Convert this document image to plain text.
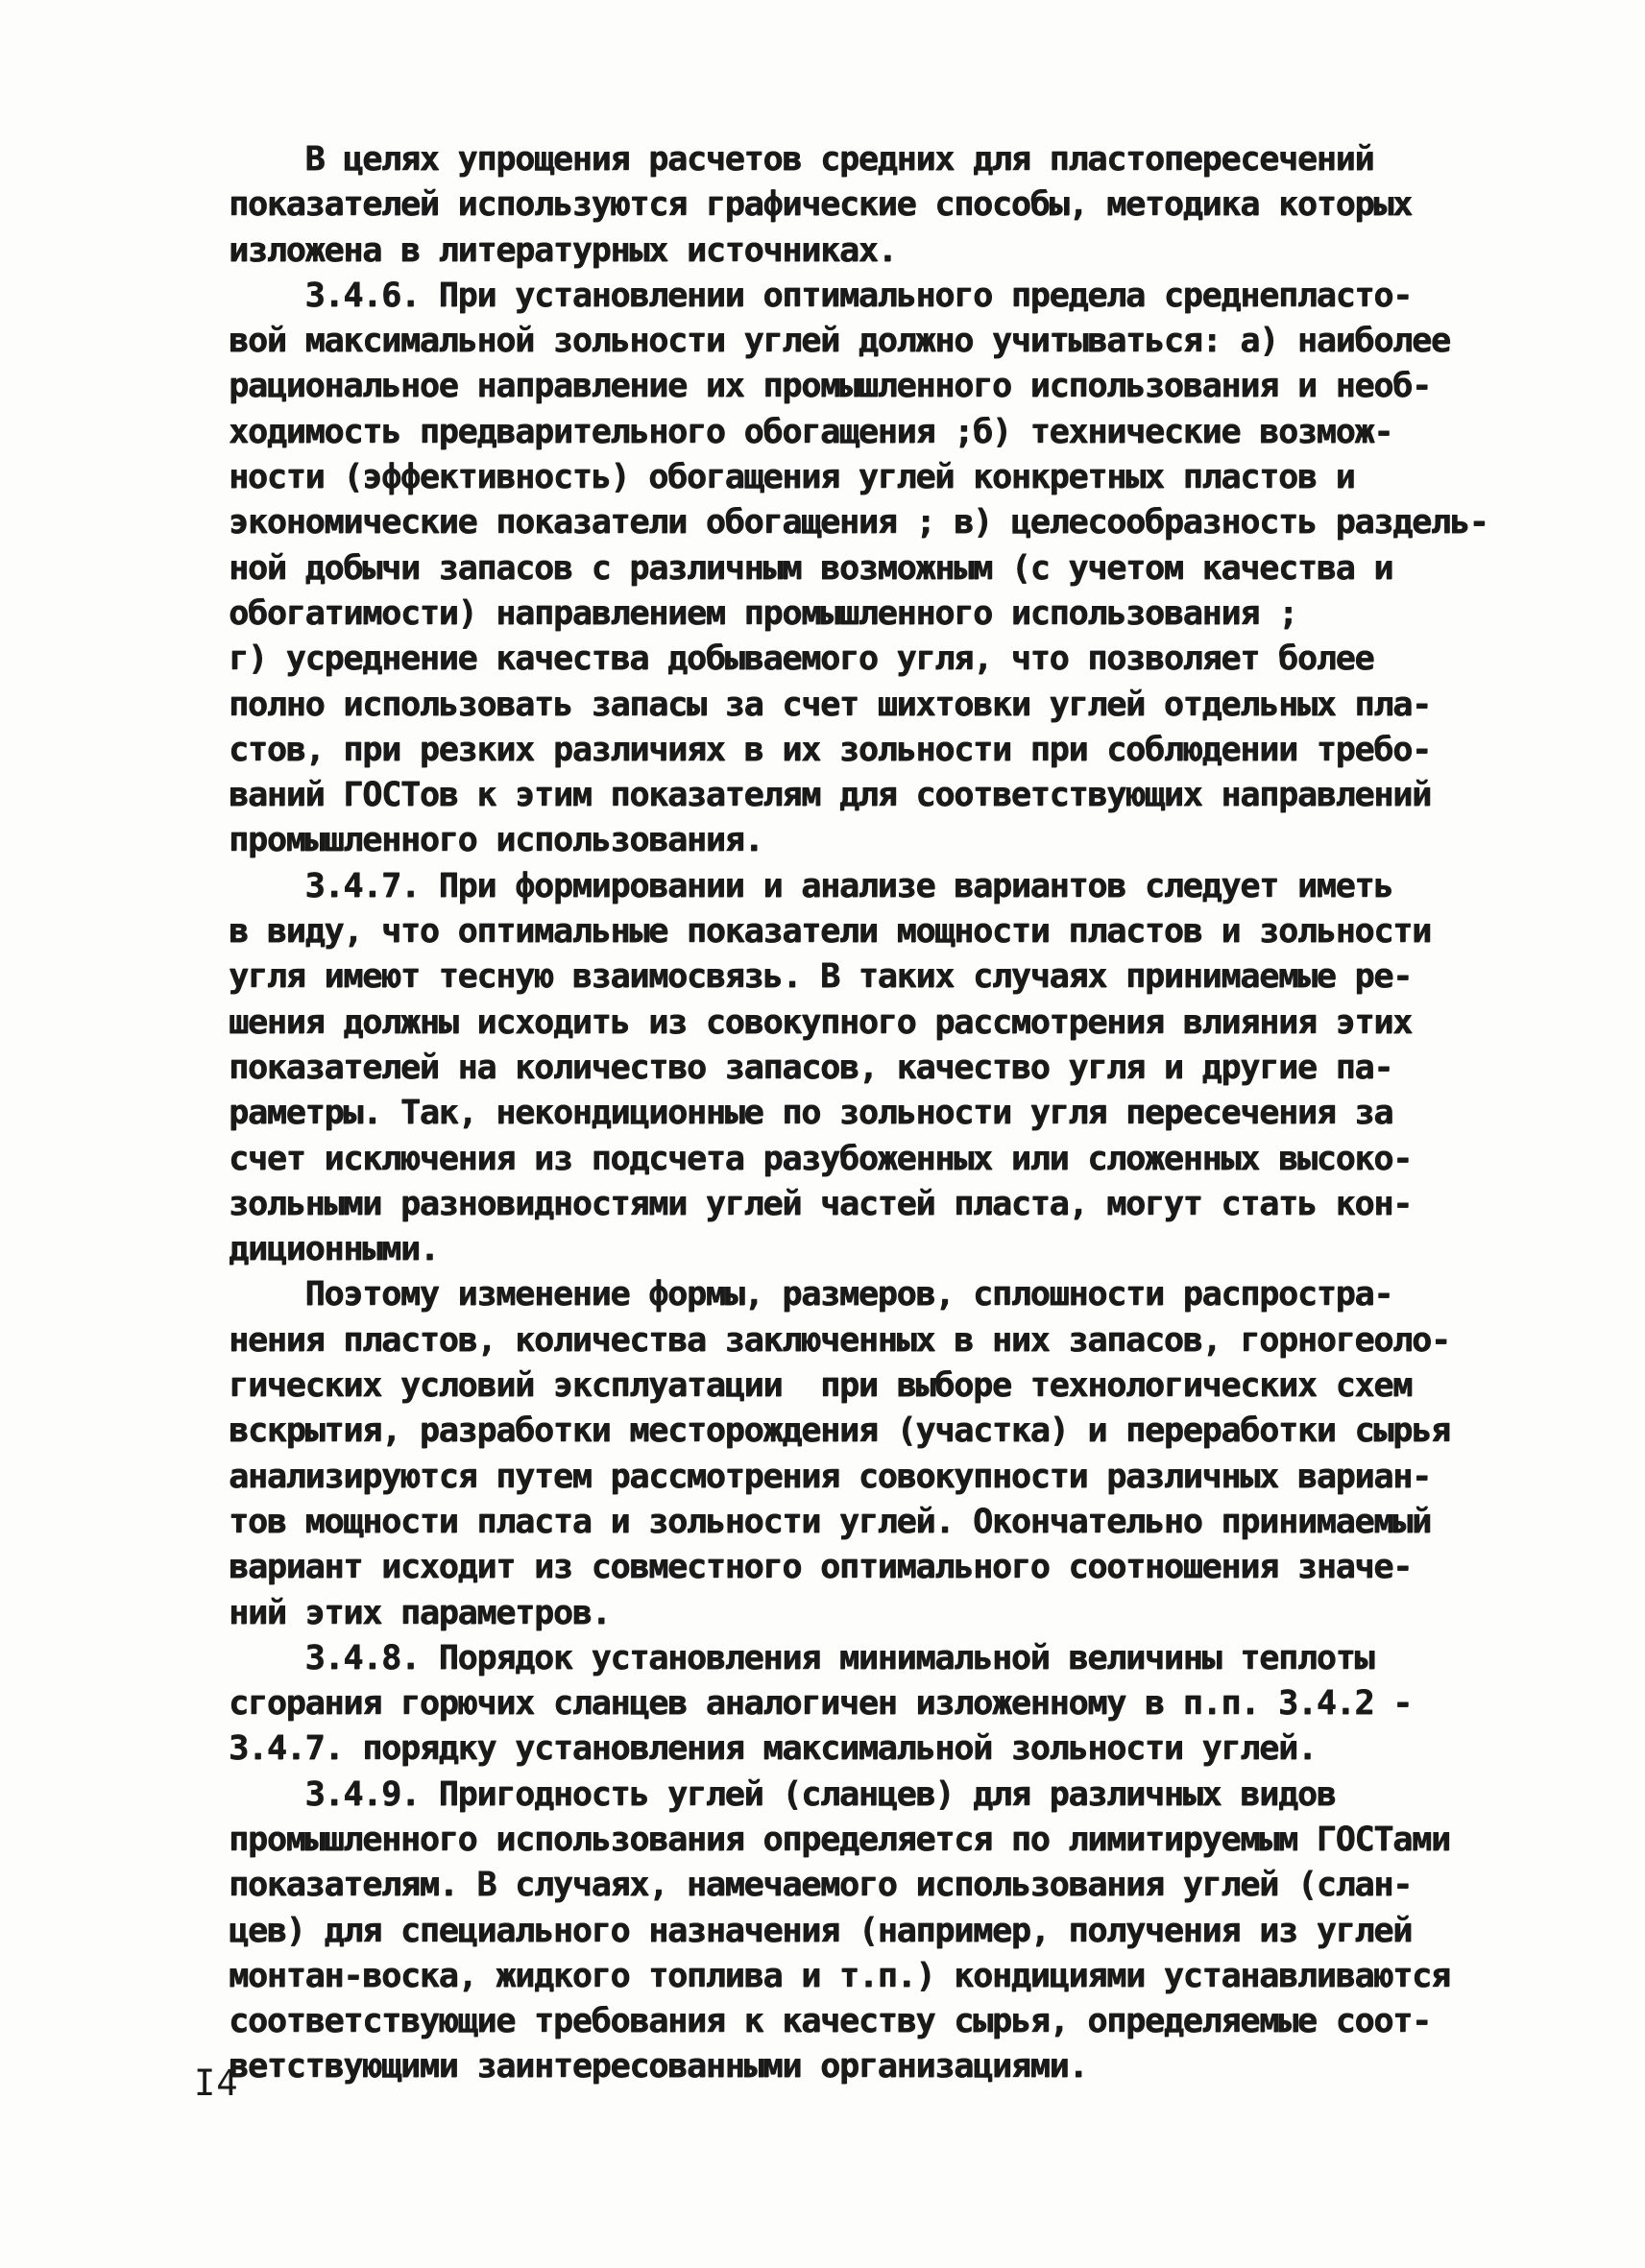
В целях упрощения расчетов средних для пластопересечений
показателей используются графические способы, методика которых
изложена в литературных источниках.
3.4.6. При установлении оптимального предела среднепласто-
вой максимальной зольности углей должно учитываться: а) наиболее
рациональное направление их промышленного использования и необ-
ходимость предварительного обогащения ;б) технические возмож-
ности (эффективность) обогащения углей конкретных пластов и
экономические показатели обогащения ; в) целесообразность раздель-
ной добычи запасов с различным возможным (с учетом качества и
обогатимости) направлением промышленного использования ;
г) усреднение качества добываемого угля, что позволяет более
полно использовать запасы за счет шихтовки углей отдельных пла-
стов, при резких различиях в их зольности при соблюдении требо-
ваний ГОСТов к этим показателям для соответствующих направлений
промышленного использования.
3.4.7. При формировании и анализе вариантов следует иметь
в виду, что оптимальные показатели мощности пластов и зольности
угля имеют тесную взаимосвязь. В таких случаях принимаемые ре-
шения должны исходить из совокупного рассмотрения влияния этих
показателей на количество запасов, качество угля и другие па-
раметры. Так, некондиционные по зольности угля пересечения за
счет исключения из подсчета разубоженных или сложенных высоко-
зольными разновидностями углей частей пласта, могут стать кон-
диционными.
Поэтому изменение формы, размеров, сплошности распростра-
нения пластов, количества заключенных в них запасов, горногеоло-
гических условий эксплуатации  при выборе технологических схем
вскрытия, разработки месторождения (участка) и переработки сырья
анализируются путем рассмотрения совокупности различных вариан-
тов мощности пласта и зольности углей. Окончательно принимаемый
вариант исходит из совместного оптимального соотношения значе-
ний этих параметров.
3.4.8. Порядок установления минимальной величины теплоты
сгорания горючих сланцев аналогичен изложенному в п.п. 3.4.2 -
3.4.7. порядку установления максимальной зольности углей.
3.4.9. Пригодность углей (сланцев) для различных видов
промышленного использования определяется по лимитируемым ГОСТами
показателям. В случаях, намечаемого использования углей (слан-
цев) для специального назначения (например, получения из углей
монтан-воска, жидкого топлива и т.п.) кондициями устанавливаются
соответствующие требования к качеству сырья, определяемые соот-
ветствующими заинтересованными организациями.
I4
